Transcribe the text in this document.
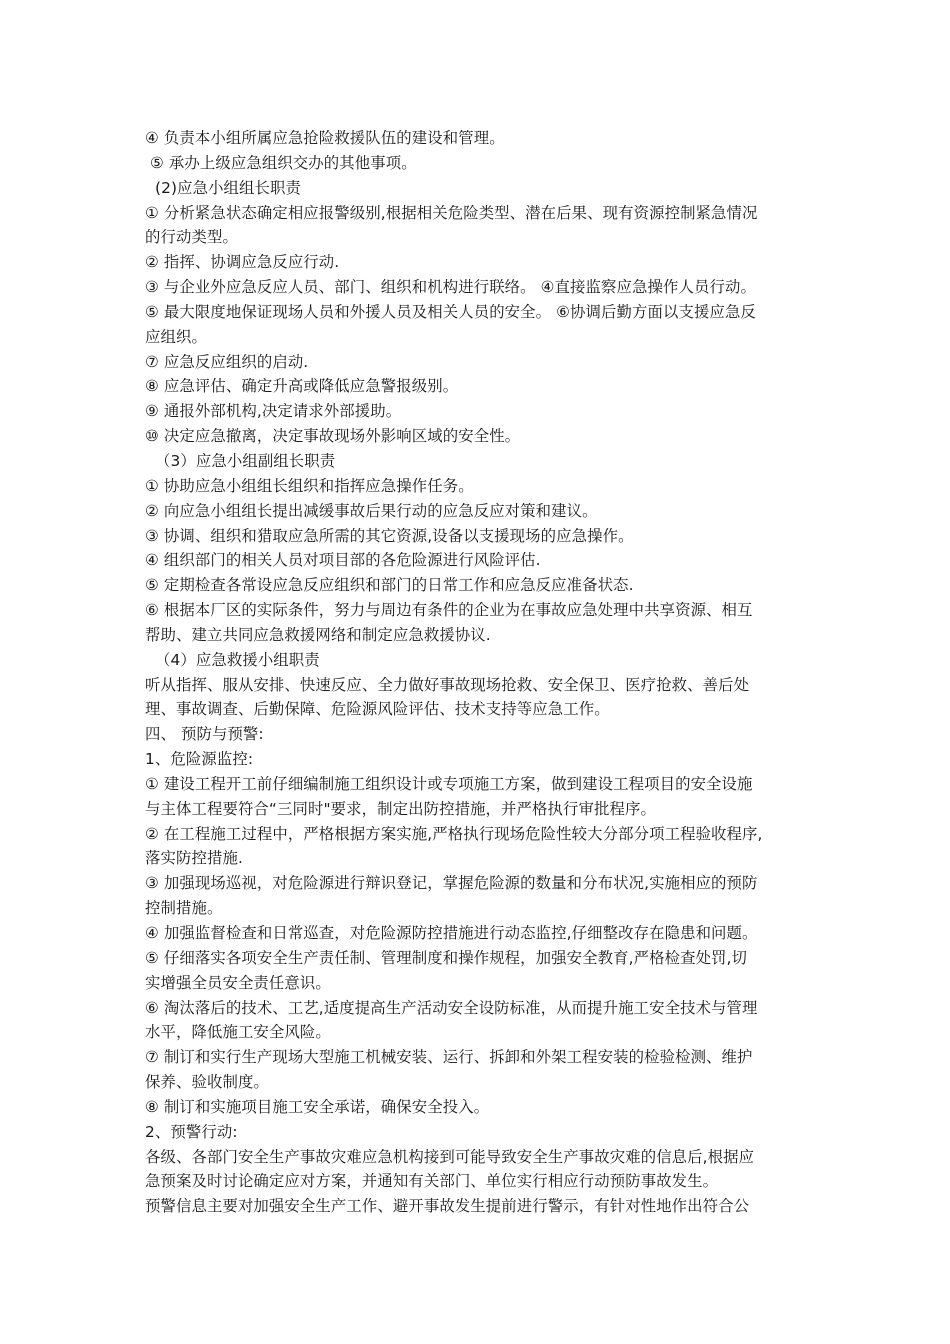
④ 负责本小组所属应急抢险救援队伍的建设和管理。
⑤ 承办上级应急组织交办的其他事项。
(2)应急小组组长职责
① 分析紧急状态确定相应报警级别,根据相关危险类型、潜在后果、现有资源控制紧急情况
的行动类型。
② 指挥、协调应急反应行动.
③ 与企业外应急反应人员、部门、组织和机构进行联络。 ④直接监察应急操作人员行动。
⑤ 最大限度地保证现场人员和外援人员及相关人员的安全。 ⑥协调后勤方面以支援应急反
应组织。
⑦ 应急反应组织的启动.
⑧ 应急评估、确定升高或降低应急警报级别。
⑨ 通报外部机构,决定请求外部援助。
⑩ 决定应急撤离，决定事故现场外影响区域的安全性。
（3）应急小组副组长职责
① 协助应急小组组长组织和指挥应急操作任务。
② 向应急小组组长提出减缓事故后果行动的应急反应对策和建议。
③ 协调、组织和猎取应急所需的其它资源,设备以支援现场的应急操作。
④ 组织部门的相关人员对项目部的各危险源进行风险评估.
⑤ 定期检查各常设应急反应组织和部门的日常工作和应急反应准备状态.
⑥ 根据本厂区的实际条件，努力与周边有条件的企业为在事故应急处理中共享资源、相互
帮助、建立共同应急救援网络和制定应急救援协议.
（4）应急救援小组职责
听从指挥、服从安排、快速反应、全力做好事故现场抢救、安全保卫、医疗抢救、善后处
理、事故调查、后勤保障、危险源风险评估、技术支持等应急工作。
四、 预防与预警:
1、危险源监控:
① 建设工程开工前仔细编制施工组织设计或专项施工方案，做到建设工程项目的安全设施
与主体工程要符合“三同时"要求，制定出防控措施，并严格执行审批程序。
② 在工程施工过程中，严格根据方案实施,严格执行现场危险性较大分部分项工程验收程序,
落实防控措施.
③ 加强现场巡视，对危险源进行辩识登记，掌握危险源的数量和分布状况,实施相应的预防
控制措施。
④ 加强监督检查和日常巡查，对危险源防控措施进行动态监控,仔细整改存在隐患和问题。
⑤ 仔细落实各项安全生产责任制、管理制度和操作规程，加强安全教育,严格检查处罚,切
实增强全员安全责任意识。
⑥ 淘汰落后的技术、工艺,适度提高生产活动安全设防标准，从而提升施工安全技术与管理
水平，降低施工安全风险。
⑦ 制订和实行生产现场大型施工机械安装、运行、拆卸和外架工程安装的检验检测、维护
保养、验收制度。
⑧ 制订和实施项目施工安全承诺，确保安全投入。
2、预警行动:
各级、各部门安全生产事故灾难应急机构接到可能导致安全生产事故灾难的信息后,根据应
急预案及时讨论确定应对方案，并通知有关部门、单位实行相应行动预防事故发生。
预警信息主要对加强安全生产工作、避开事故发生提前进行警示，有针对性地作出符合公
